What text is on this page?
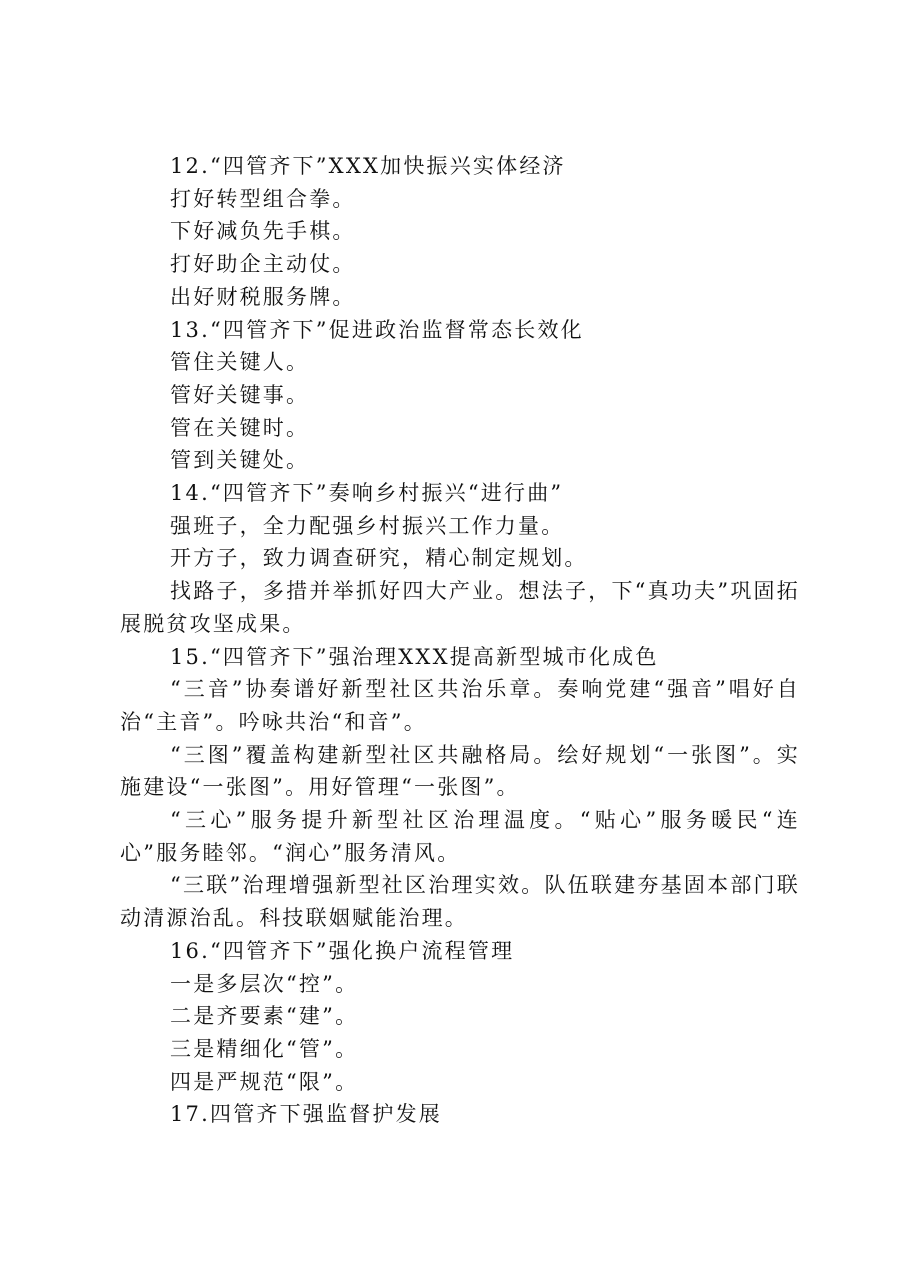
12.“四管齐下”XXX加快振兴实体经济

打好转型组合拳。

下好减负先手棋。

打好助企主动仗。

出好财税服务牌。

13.“四管齐下”促进政治监督常态长效化

管住关键人。

管好关键事。

管在关键时。

管到关键处。

14.“四管齐下”奏响乡村振兴“进行曲”

强班子，全力配强乡村振兴工作力量。

开方子，致力调查研究，精心制定规划。

找路子，多措并举抓好四大产业。想法子，下“真功夫”巩固拓展脱贫攻坚成果。

15.“四管齐下”强治理XXX提高新型城市化成色

“三音”协奏谱好新型社区共治乐章。奏响党建“强音”唱好自治“主音”。吟咏共治“和音”。

“三图”覆盖构建新型社区共融格局。绘好规划“一张图”。实施建设“一张图”。用好管理“一张图”。

“三心”服务提升新型社区治理温度。“贴心”服务暖民“连心”服务睦邻。“润心”服务清风。

“三联”治理增强新型社区治理实效。队伍联建夯基固本部门联动清源治乱。科技联姻赋能治理。

16.“四管齐下”强化换户流程管理

一是多层次“控”。

二是齐要素“建”。

三是精细化“管”。

四是严规范“限”。

17.四管齐下强监督护发展
